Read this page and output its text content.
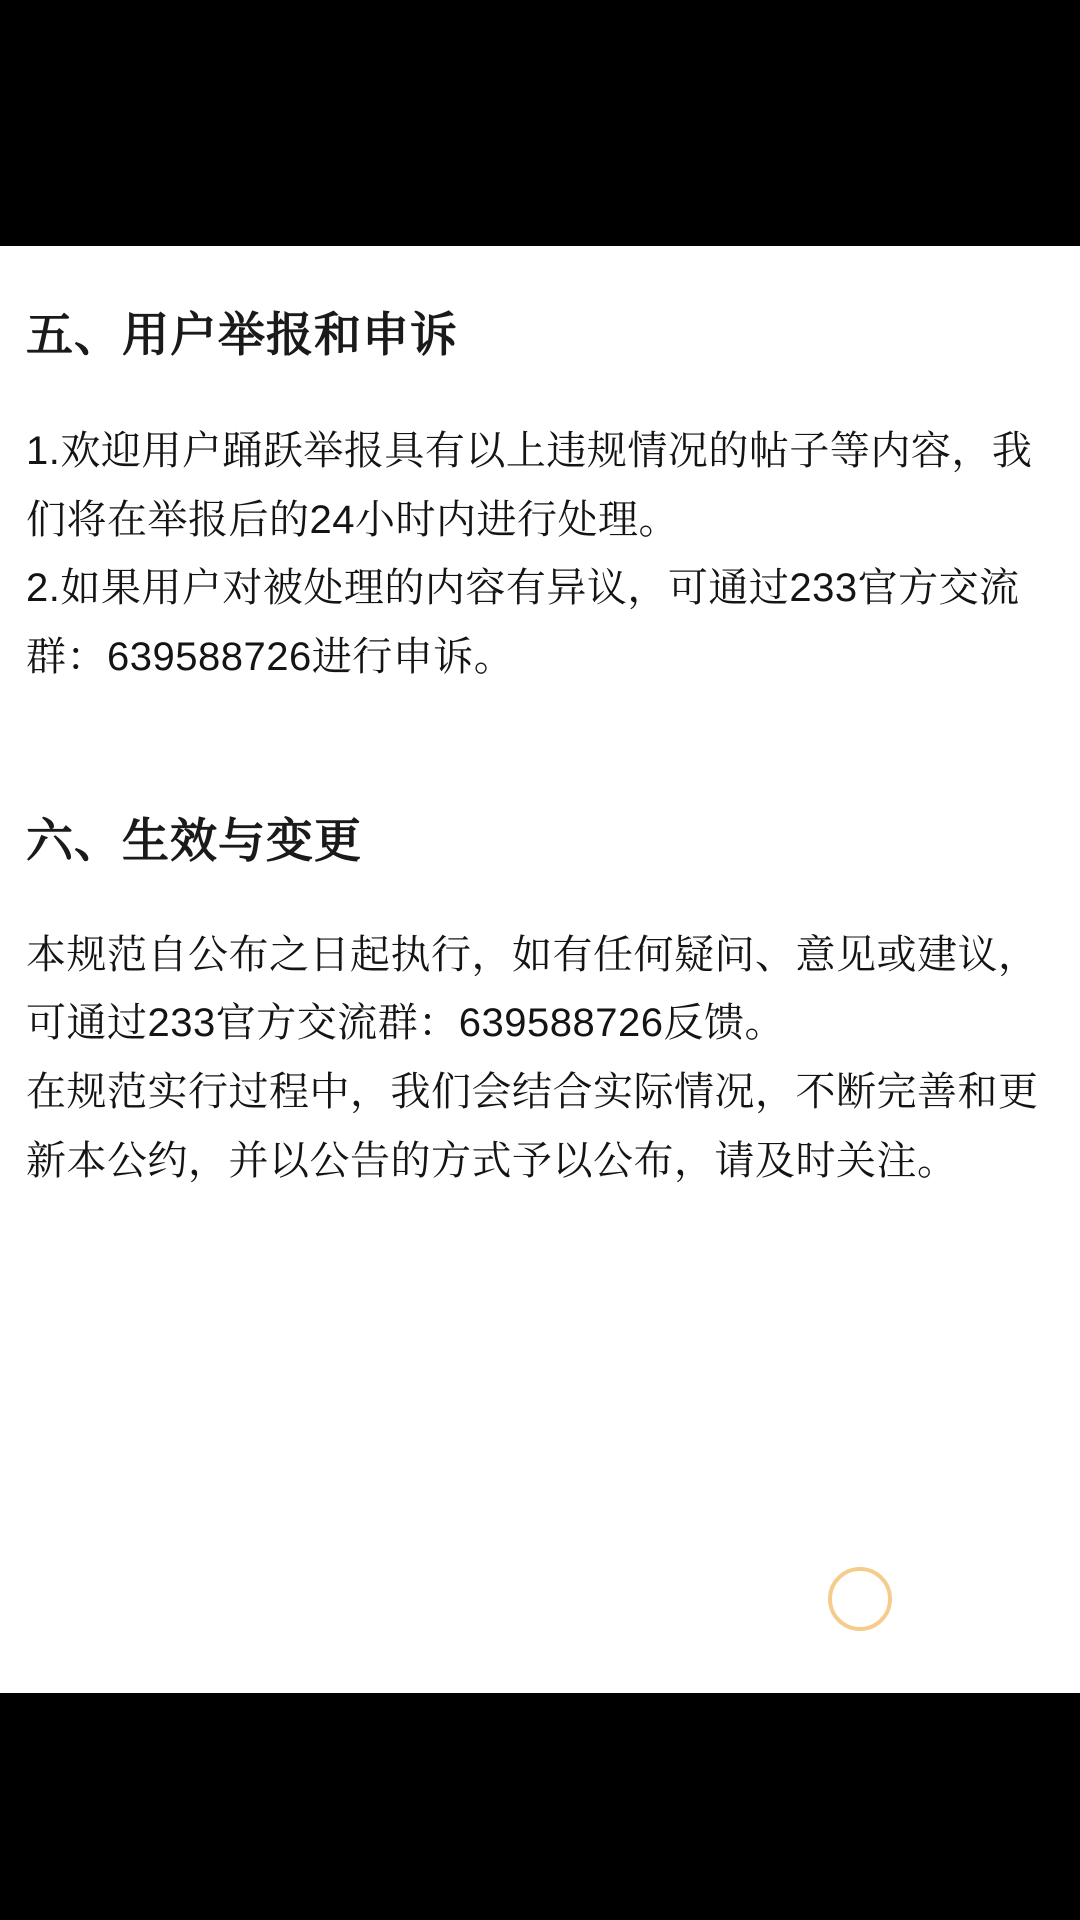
五、用户举报和申诉

1.欢迎用户踊跃举报具有以上违规情况的帖子等内容，我们将在举报后的24小时内进行处理。

2.如果用户对被处理的内容有异议，可通过233官方交流群：639588726进行申诉。

六、生效与变更

本规范自公布之日起执行，如有任何疑问、意见或建议，可通过233官方交流群：639588726反馈。

在规范实行过程中，我们会结合实际情况，不断完善和更新本公约，并以公告的方式予以公布，请及时关注。
